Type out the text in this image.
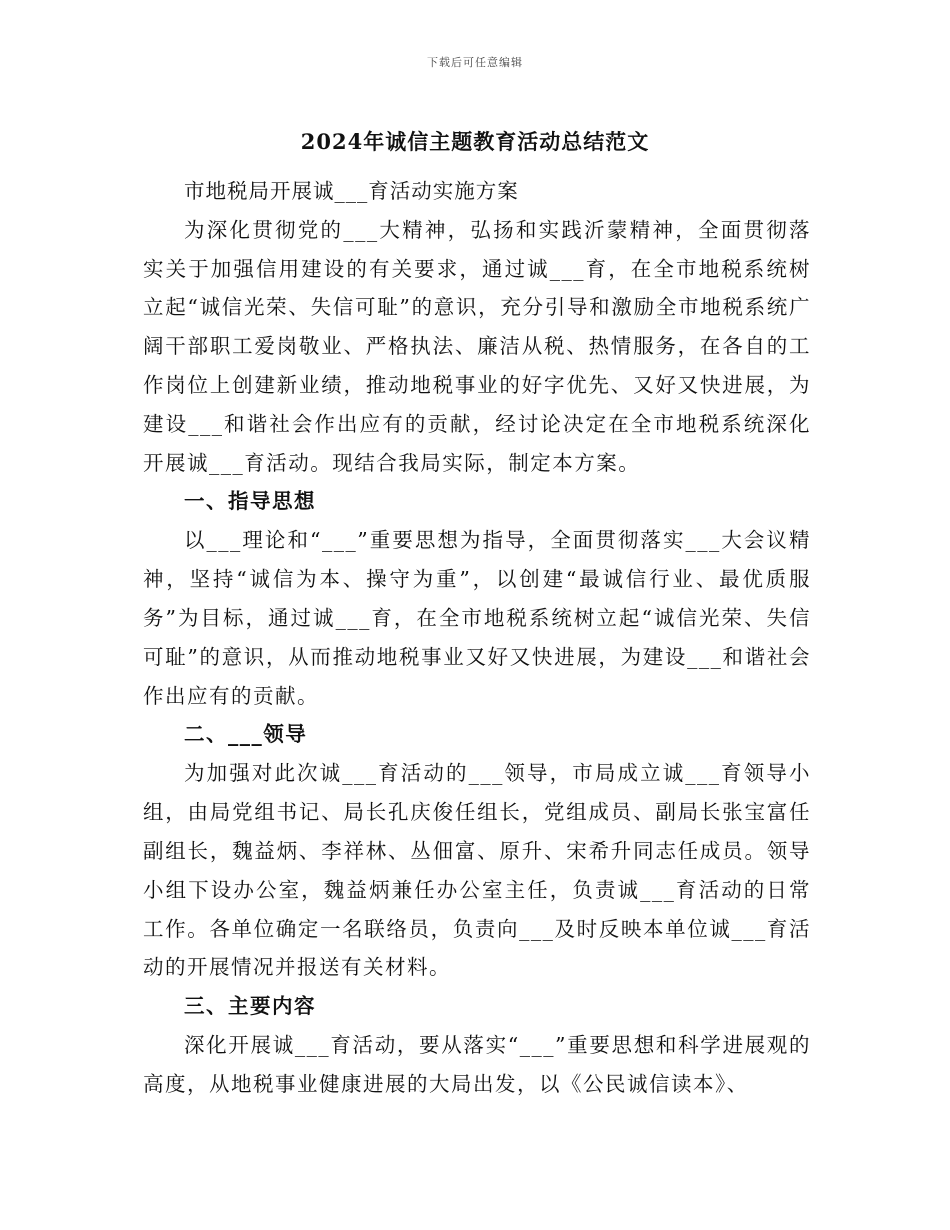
下载后可任意编辑
2024年诚信主题教育活动总结范文

市地税局开展诚___育活动实施方案

为深化贯彻党的___大精神，弘扬和实践沂蒙精神，全面贯彻落实关于加强信用建设的有关要求，通过诚___育，在全市地税系统树立起“诚信光荣、失信可耻”的意识，充分引导和激励全市地税系统广阔干部职工爱岗敬业、严格执法、廉洁从税、热情服务，在各自的工作岗位上创建新业绩，推动地税事业的好字优先、又好又快进展，为建设___和谐社会作出应有的贡献，经讨论决定在全市地税系统深化开展诚___育活动。现结合我局实际，制定本方案。

一、指导思想

以___理论和“___”重要思想为指导，全面贯彻落实___大会议精神，坚持“诚信为本、操守为重”，以创建“最诚信行业、最优质服务”为目标，通过诚___育，在全市地税系统树立起“诚信光荣、失信可耻”的意识，从而推动地税事业又好又快进展，为建设___和谐社会作出应有的贡献。

二、___领导

为加强对此次诚___育活动的___领导，市局成立诚___育领导小组，由局党组书记、局长孔庆俊任组长，党组成员、副局长张宝富任副组长，魏益炳、李祥林、丛佃富、原升、宋希升同志任成员。领导小组下设办公室，魏益炳兼任办公室主任，负责诚___育活动的日常工作。各单位确定一名联络员，负责向___及时反映本单位诚___育活动的开展情况并报送有关材料。

三、主要内容

深化开展诚___育活动，要从落实“___”重要思想和科学进展观的高度，从地税事业健康进展的大局出发，以《公民诚信读本》、
